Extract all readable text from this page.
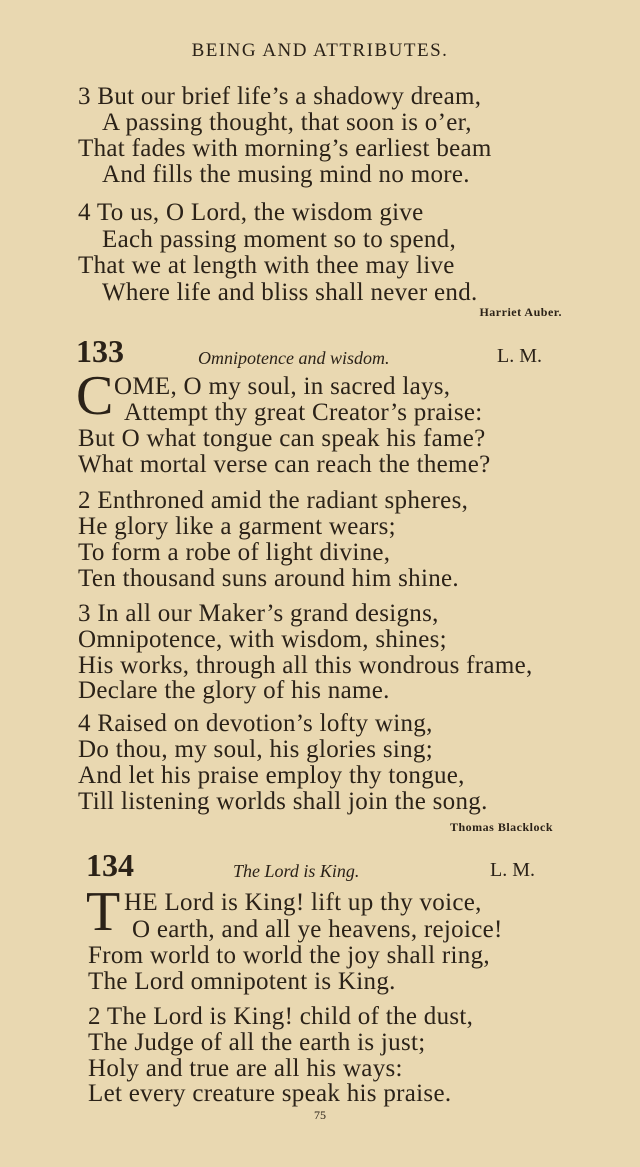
BEING AND ATTRIBUTES.
3 But our brief life’s a shadowy dream,
A passing thought, that soon is o’er,
That fades with morning’s earliest beam
And fills the musing mind no more.
4 To us, O Lord, the wisdom give
Each passing moment so to spend,
That we at length with thee may live
Where life and bliss shall never end.
Harriet Auber.
133	Omnipotence and wisdom.	L. M.
C OME, O my soul, in sacred lays,
Attempt thy great Creator’s praise:
But O what tongue can speak his fame?
What mortal verse can reach the theme?
2 Enthroned amid the radiant spheres,
He glory like a garment wears;
To form a robe of light divine,
Ten thousand suns around him shine.
3 In all our Maker’s grand designs,
Omnipotence, with wisdom, shines;
His works, through all this wondrous frame,
Declare the glory of his name.
4 Raised on devotion’s lofty wing,
Do thou, my soul, his glories sing;
And let his praise employ thy tongue,
Till listening worlds shall join the song.
Thomas Blacklock
134	The Lord is King.	L. M.
T HE Lord is King! lift up thy voice,
O earth, and all ye heavens, rejoice!
From world to world the joy shall ring,
The Lord omnipotent is King.
2 The Lord is King! child of the dust,
The Judge of all the earth is just;
Holy and true are all his ways:
Let every creature speak his praise.
75
